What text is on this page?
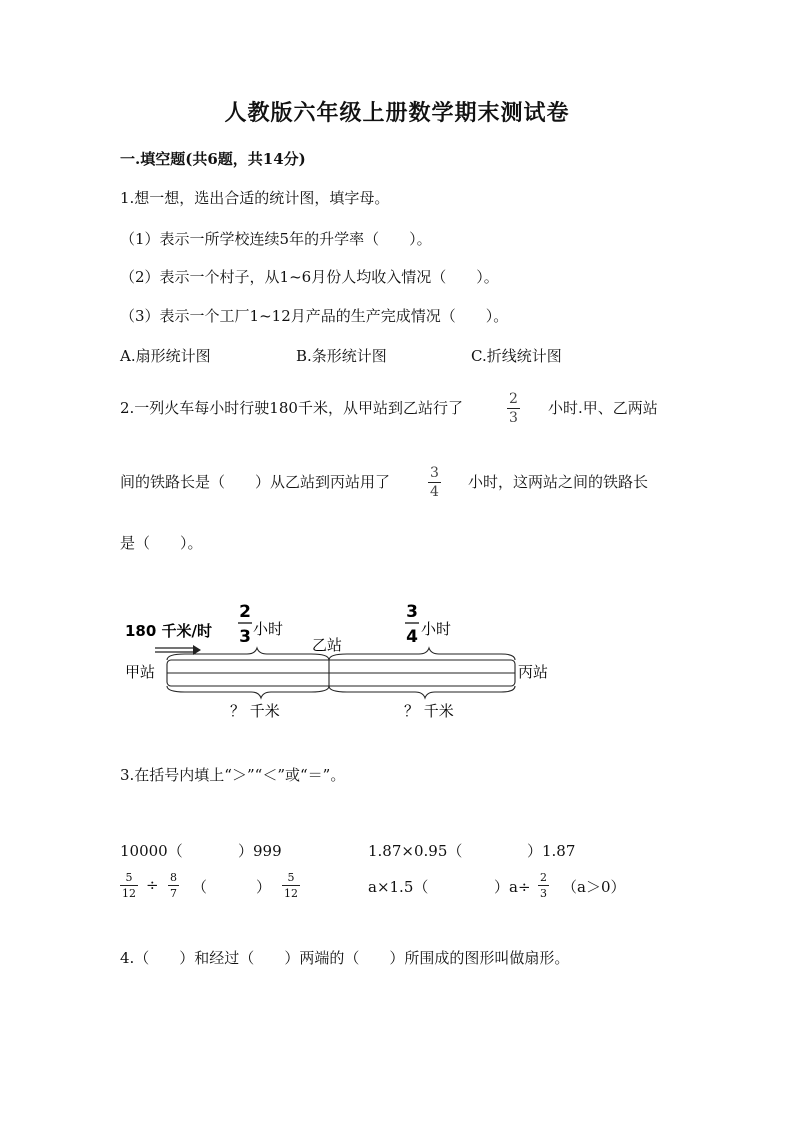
人教版六年级上册数学期末测试卷
一.填空题(共6题，共14分)
1.想一想，选出合适的统计图，填字母。
（1）表示一所学校连续5年的升学率（　　）。
（2）表示一个村子，从1~6月份人均收入情况（　　）。
（3）表示一个工厂1~12月产品的生产完成情况（　　）。
A.扇形统计图	B.条形统计图	C.折线统计图
2.一列火车每小时行驶180千米，从甲站到乙站行了	$\frac{2}{3}$ 小时.甲、乙两站
间的铁路长是（　　）从乙站到丙站用了	$\frac{3}{4}$ 小时，这两站之间的铁路长
是（　　）。
180 千米/时
2
3 小时
乙站
3
4 小时
甲站	丙站
？ 千米	？ 千米
3.在括号内填上“＞”“＜”或“＝”。
10000（	）999	1.87×0.95（	）1.87
$\frac{5}{12} \div \frac{8}{7}$ （	） $\frac{5}{12}$	a×1.5（	）$a\div \frac{2}{3} (a>0)$
4.（　　）和经过（　　）两端的（　　）所围成的图形叫做扇形。
